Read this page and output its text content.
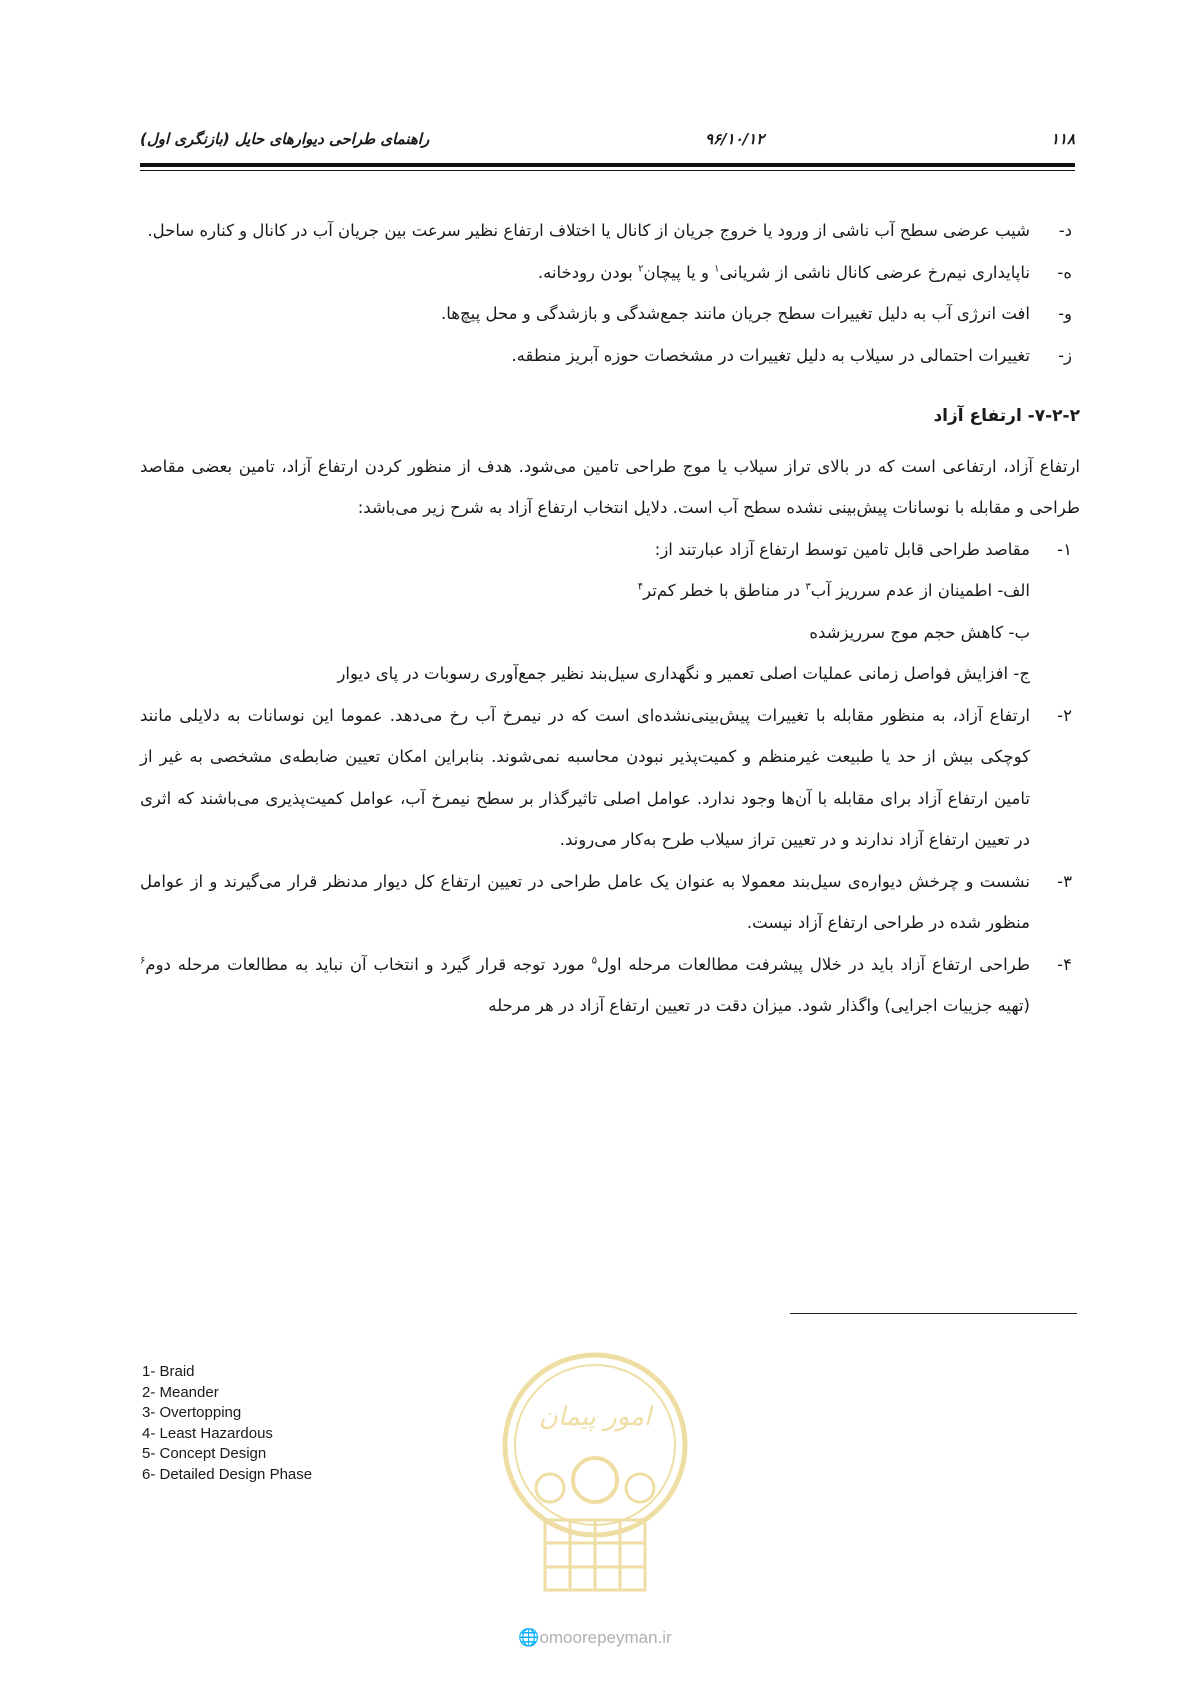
۱۱۸
۹۶/۱۰/۱۲
راهنمای طراحی دیوارهای حایل (بازنگری اول)
د-
شیب عرضی سطح آب ناشی از ورود یا خروج جریان از کانال یا اختلاف ارتفاع نظیر سرعت بین جریان آب در کانال و کناره ساحل.
ه-
ناپایداری نیم‌رخ عرضی کانال ناشی از شریانی$^۱$ و یا پیچان$^۲$ بودن رودخانه.
و-
افت انرژی آب به دلیل تغییرات سطح جریان مانند جمع‌شدگی و بازشدگی و محل پیچ‌ها.
ز-
تغییرات احتمالی در سیلاب به دلیل تغییرات در مشخصات حوزه آبریز منطقه.
۷-۲-۲- ارتفاع آزاد
ارتفاع آزاد، ارتفاعی است که در بالای تراز سیلاب یا موج طراحی تامین می‌شود. هدف از منظور کردن ارتفاع آزاد، تامین بعضی مقاصد طراحی و مقابله با نوسانات پیش‌بینی نشده سطح آب است. دلایل انتخاب ارتفاع آزاد به شرح زیر می‌باشد:
۱-
مقاصد طراحی قابل تامین توسط ارتفاع آزاد عبارتند از:
الف- اطمینان از عدم سرریز آب$^۳$ در مناطق با خطر کم‌تر$^۴$
ب- کاهش حجم موج سرریزشده
ج- افزایش فواصل زمانی عملیات اصلی تعمیر و نگهداری سیل‌بند نظیر جمع‌آوری رسوبات در پای دیوار
۲-
ارتفاع آزاد، به منظور مقابله با تغییرات پیش‌بینی‌نشده‌ای است که در نیمرخ آب رخ می‌دهد. عموما این نوسانات به دلایلی مانند کوچکی بیش از حد یا طبیعت غیرمنظم و کمیت‌پذیر نبودن محاسبه نمی‌شوند. بنابراین امکان تعیین ضابطه‌ی مشخصی به غیر از تامین ارتفاع آزاد برای مقابله با آن‌ها وجود ندارد. عوامل اصلی تاثیرگذار بر سطح نیمرخ آب، عوامل کمیت‌پذیری می‌باشند که اثری در تعیین ارتفاع آزاد ندارند و در تعیین تراز سیلاب طرح به‌کار می‌روند.
۳-
نشست و چرخش دیواره‌ی سیل‌بند معمولا به عنوان یک عامل طراحی در تعیین ارتفاع کل دیوار مدنظر قرار می‌گیرند و از عوامل منظور شده در طراحی ارتفاع آزاد نیست.
۴-
طراحی ارتفاع آزاد باید در خلال پیشرفت مطالعات مرحله اول$^۵$ مورد توجه قرار گیرد و انتخاب آن نباید به مطالعات مرحله دوم$^۶$ (تهیه جزییات اجرایی) واگذار شود. میزان دقت در تعیین ارتفاع آزاد در هر مرحله
1- Braid
2- Meander
3- Overtopping
4- Least Hazardous
5- Concept Design
6- Detailed Design Phase
امور پیمان
🌐omoorepeyman.ir
